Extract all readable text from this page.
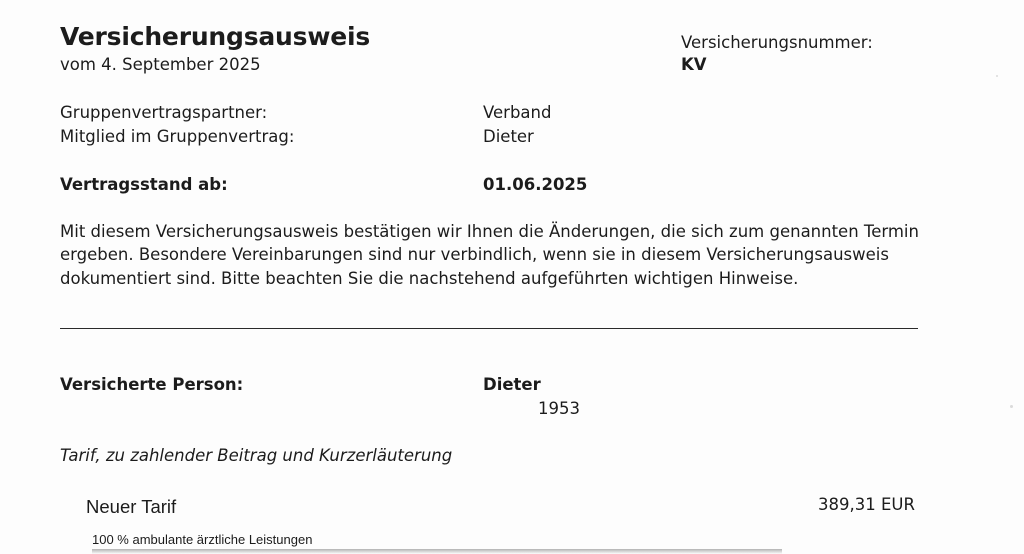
Versicherungsausweis
vom 4. September 2025
Versicherungsnummer:
KV
Gruppenvertragspartner:	Verband
Mitglied im Gruppenvertrag:	Dieter
Vertragsstand ab:	01.06.2025
Mit diesem Versicherungsausweis bestätigen wir Ihnen die Änderungen, die sich zum genannten Termin ergeben. Besondere Vereinbarungen sind nur verbindlich, wenn sie in diesem Versicherungsausweis dokumentiert sind. Bitte beachten Sie die nachstehend aufgeführten wichtigen Hinweise.
Versicherte Person:	Dieter
1953
Tarif, zu zahlender Beitrag und Kurzerläuterung
Neuer Tarif	389,31 EUR
100 % ambulante ärztliche Leistungen
